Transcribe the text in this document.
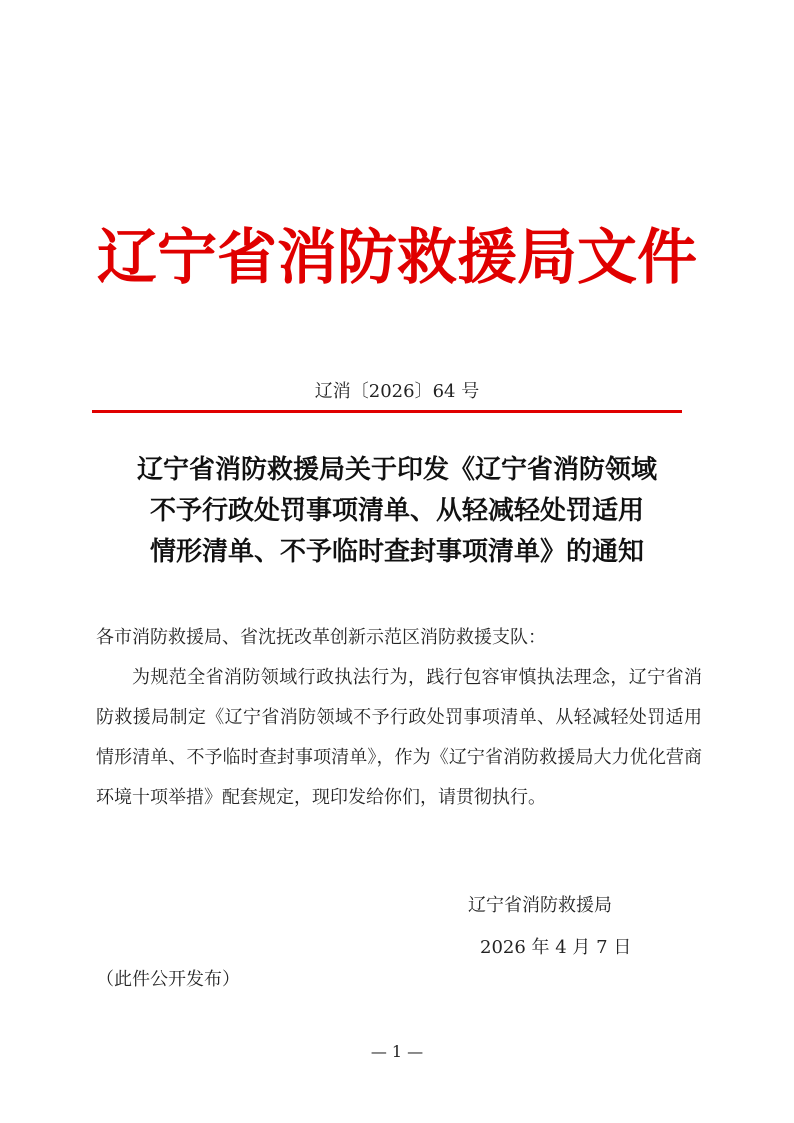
辽宁省消防救援局文件
辽消〔2026〕64 号
辽宁省消防救援局关于印发《辽宁省消防领域
不予行政处罚事项清单、从轻减轻处罚适用
情形清单、不予临时查封事项清单》的通知

各市消防救援局、省沈抚改革创新示范区消防救援支队：

为规范全省消防领域行政执法行为，践行包容审慎执法理念，辽宁省消防救援局制定《辽宁省消防领域不予行政处罚事项清单、从轻减轻处罚适用情形清单、不予临时查封事项清单》，作为《辽宁省消防救援局大力优化营商环境十项举措》配套规定，现印发给你们，请贯彻执行。

辽宁省消防救援局
2026 年 4 月 7 日
（此件公开发布）
— 1 —
